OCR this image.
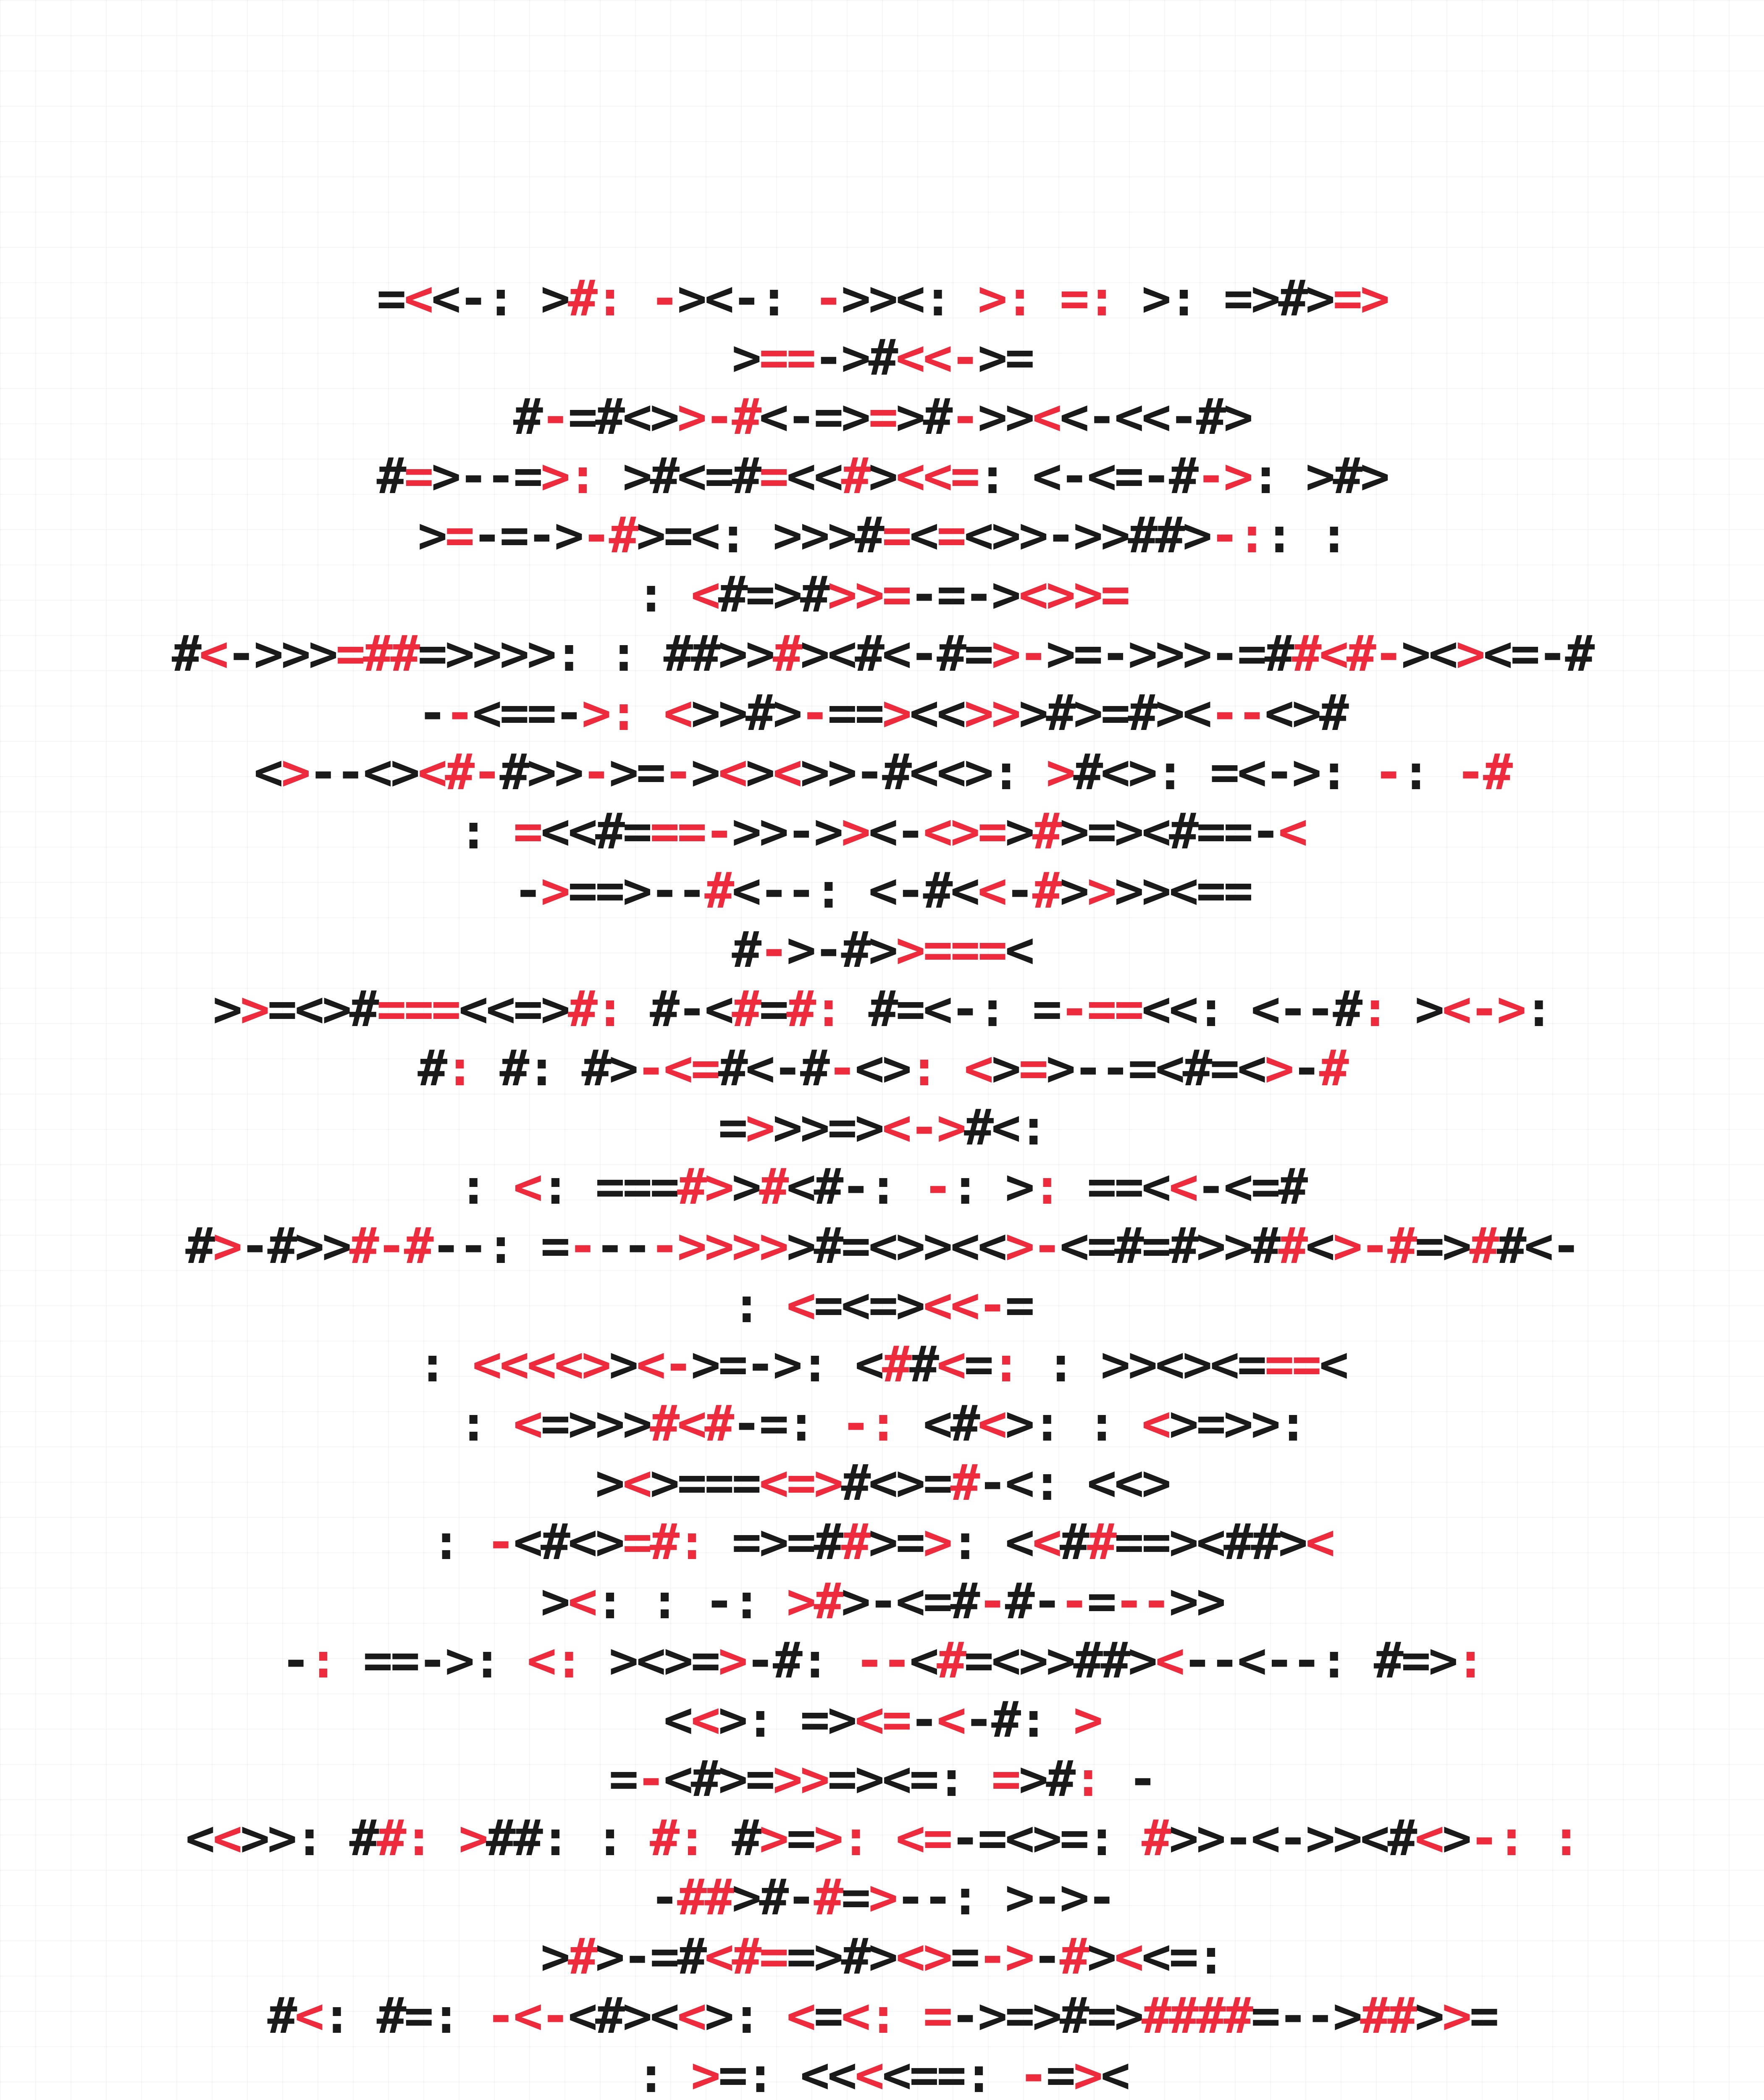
=<<-: >#: -><-: ->><: >: =: >: =>#>=>
>==->#<<->=
#-=#<>>-#<-=>=>#->><<-<<-#>
#=>--=>: >#<=#=<<#><<=: <-<=-#->: >#>
>=-=->-#>=<: >>>#=<=<>>->>##>-:: :
: <#=>#>>=-=-><>>=
#<->>>=##=>>>>: : ##>>#><#<-#=>->=->>>-=##<#-><><=-#
--<==->: <>>#>-==><<>>>#>=#><--<>#
<>--<><#-#>>->=-><><>>-#<<>: >#<>: =<->: -: -#
: =<<#===->>->><-<>=>#>=><#==-<
->==>--#<--: <-#<<-#>>>><==
#->-#>>===<
>>=<>#===<<=>#: #-<#=#: #=<-: =-==<<: <--#: ><->:
#: #: #>-<=#<-#-<>: <>=>--=<#=<>-#
=>>>=><->#<:
: <: ===#>>#<#-: -: >: ==<<-<=#
#>-#>>#-#--: =---->>>>>#=<>><<>-<=#=#>>##<>-#=>##<-
: <=<=><<-=
: <<<<>><->=->: <##<=: : >><><===<
: <=>>>#<#-=: -: <#<>: : <>=>>:
><>===<=>#<>=#-<: <<>
: -<#<>=#: =>=##>=>: <<##==><##><
><: : -: >#>-<=#-#--=-->>
-: ==->: <: ><>=>-#: --<#=<>>##><--<--: #=>:
<<>: =><=-<-#: >
=-<#>=>>=><=: =>#: -
<<>>: ##: >##: : #: #>=>: <=-=<>=: #>>-<->><#<>-: :
-##>#-#=>--: >->-
>#>-=#<#==>#><>=->-#><<=:
#<: #=: -<-<#><<>: <=<: =->=>#=>####=-->##>>=
: >=: <<<<==: -=><
